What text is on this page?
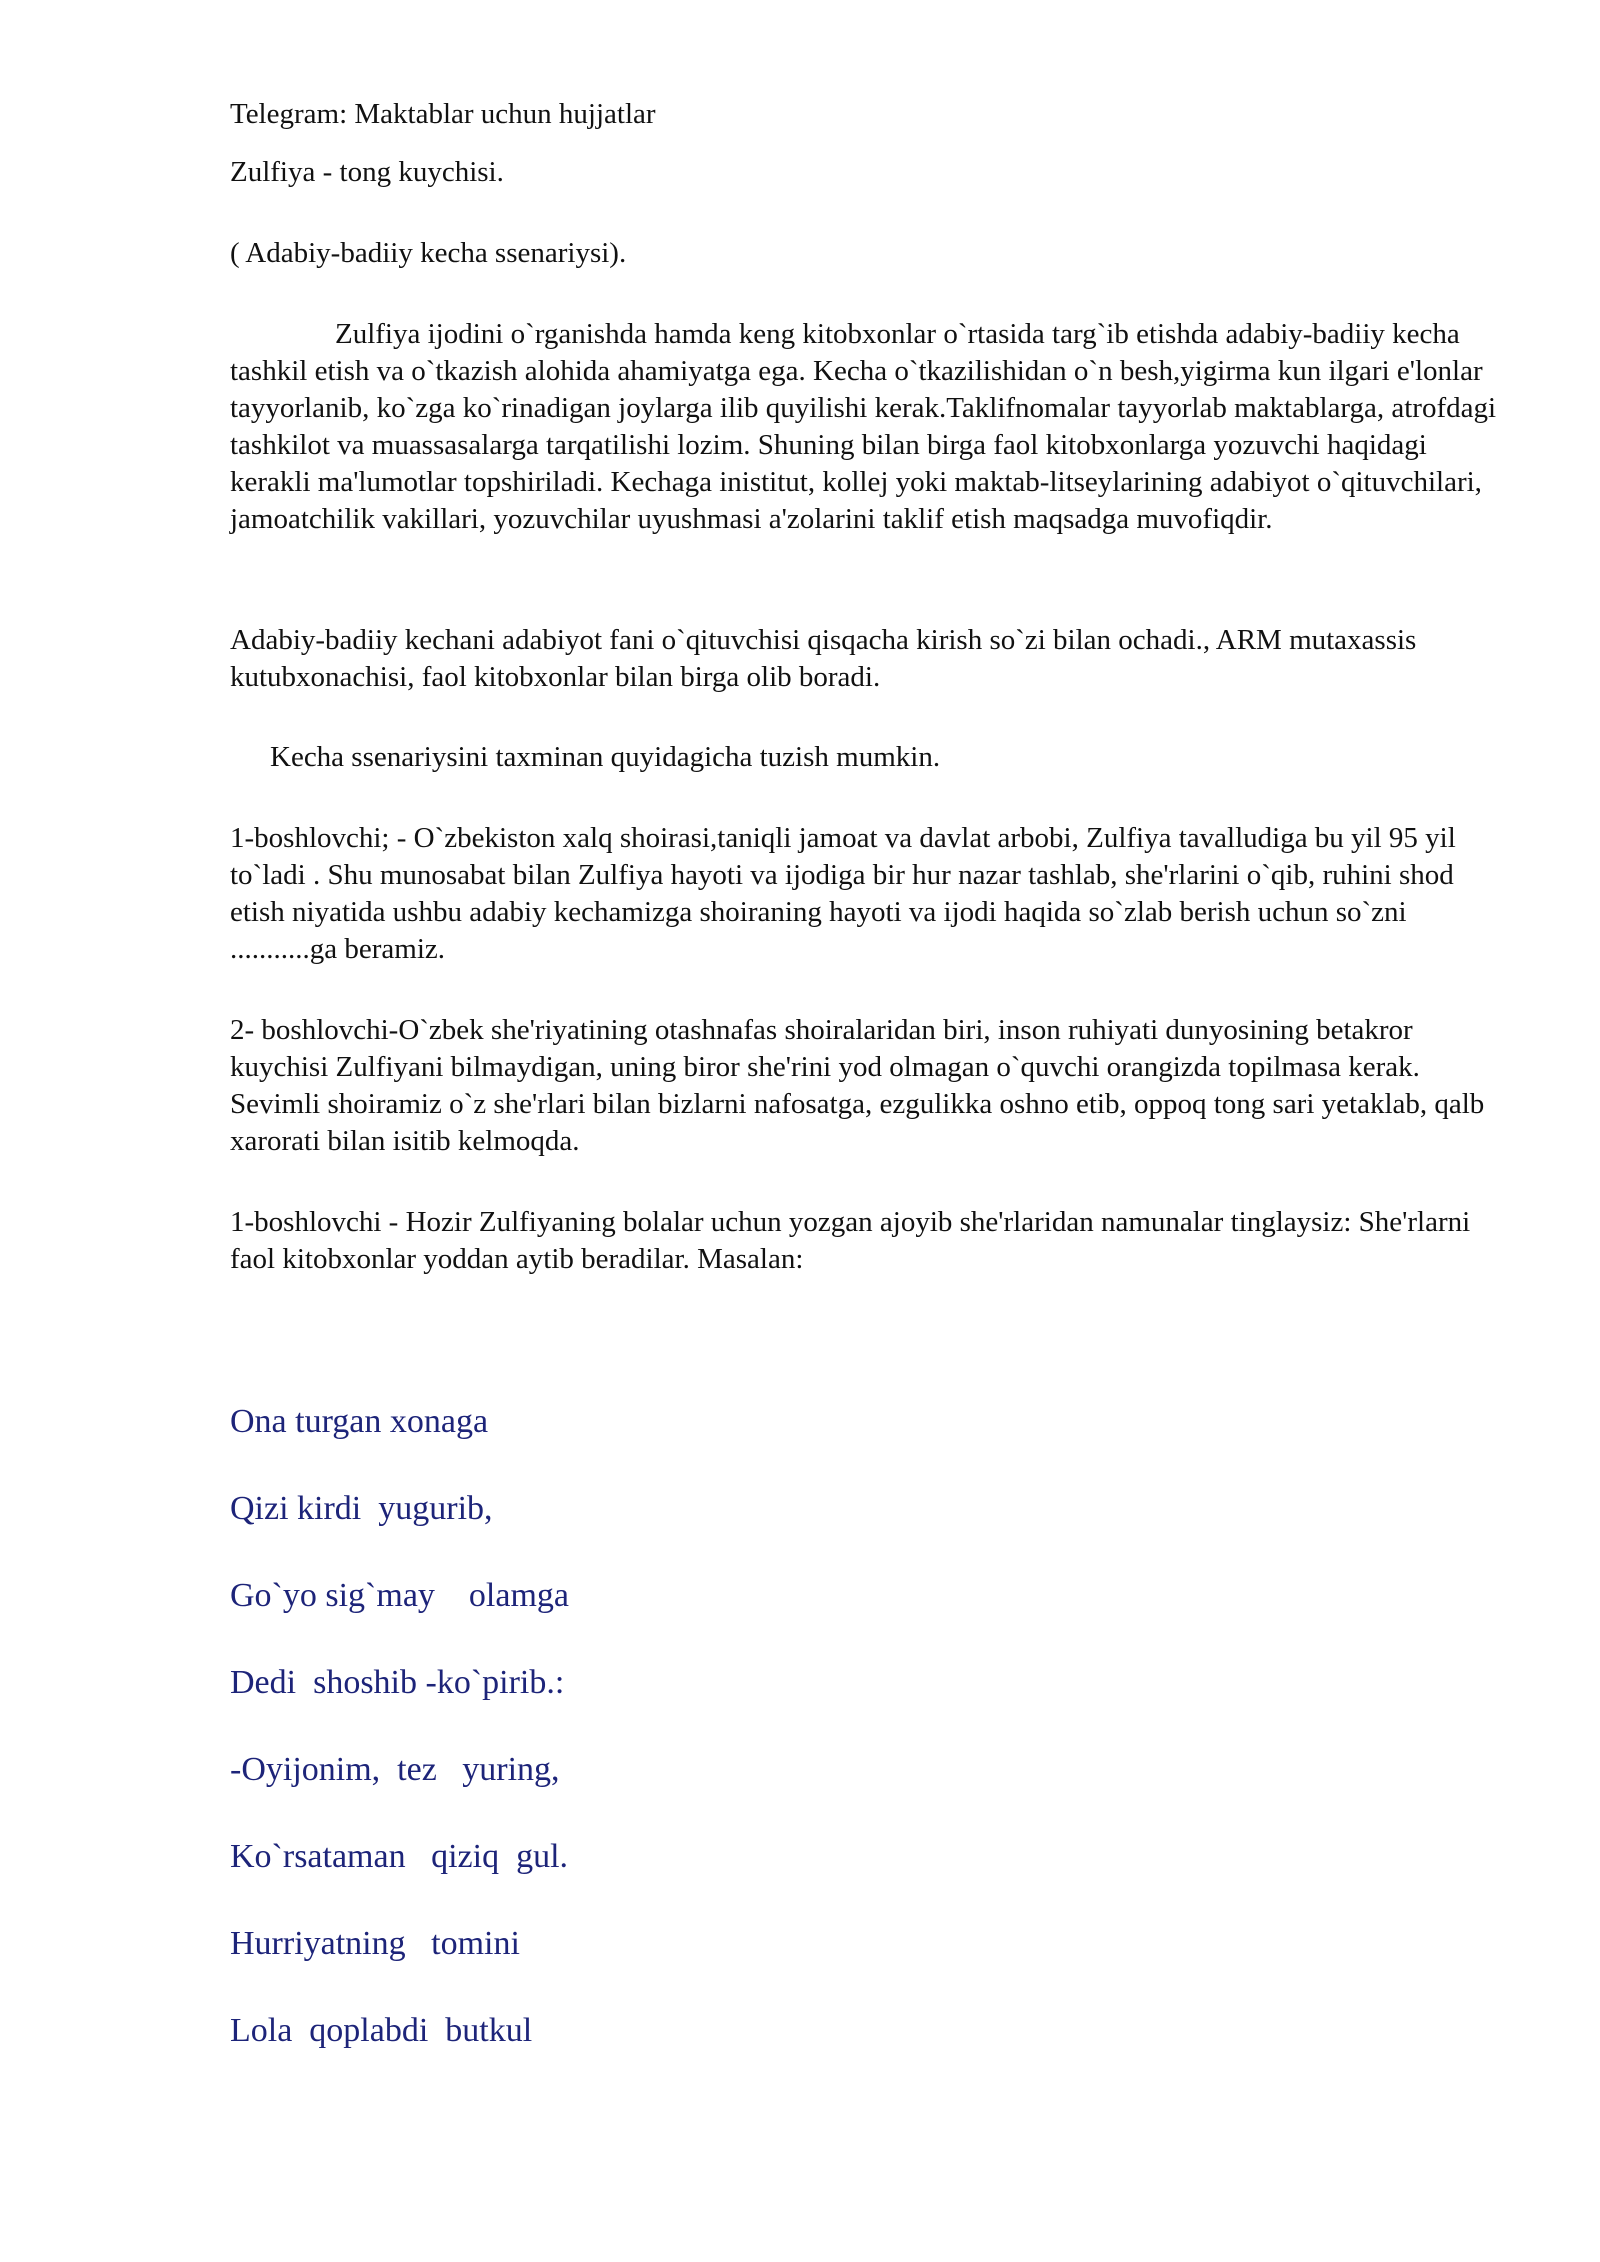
Telegram: Maktablar uchun hujjatlar

Zulfiya - tong kuychisi.

( Adabiy-badiiy kecha ssenariysi).

Zulfiya ijodini o`rganishda hamda keng kitobxonlar o`rtasida targ`ib etishda adabiy-badiiy kecha tashkil etish va o`tkazish alohida ahamiyatga ega. Kecha o`tkazilishidan o`n besh,yigirma kun ilgari e'lonlar tayyorlanib, ko`zga ko`rinadigan joylarga ilib quyilishi kerak.Taklifnomalar tayyorlab maktablarga, atrofdagi tashkilot va muassasalarga tarqatilishi lozim. Shuning bilan birga faol kitobxonlarga yozuvchi haqidagi kerakli ma'lumotlar topshiriladi. Kechaga inistitut, kollej yoki maktab-litseylarining adabiyot o`qituvchilari, jamoatchilik vakillari, yozuvchilar uyushmasi a'zolarini taklif etish maqsadga muvofiqdir.

Adabiy-badiiy kechani adabiyot fani o`qituvchisi qisqacha kirish so`zi bilan ochadi., ARM mutaxassis kutubxonachisi, faol kitobxonlar bilan birga olib boradi.

Kecha ssenariysini taxminan quyidagicha tuzish mumkin.

1-boshlovchi; - O`zbekiston xalq shoirasi,taniqli jamoat va davlat arbobi, Zulfiya tavalludiga bu yil 95 yil to`ladi . Shu munosabat bilan Zulfiya hayoti va ijodiga bir hur nazar tashlab, she'rlarini o`qib, ruhini shod etish niyatida ushbu adabiy kechamizga shoiraning hayoti va ijodi haqida so`zlab berish uchun so`zni ...........ga beramiz.

2- boshlovchi-O`zbek she'riyatining otashnafas shoiralaridan biri, inson ruhiyati dunyosining betakror kuychisi Zulfiyani bilmaydigan, uning biror she'rini yod olmagan o`quvchi orangizda topilmasa kerak. Sevimli shoiramiz o`z she'rlari bilan bizlarni nafosatga, ezgulikka oshno etib, oppoq tong sari yetaklab, qalb xarorati bilan isitib kelmoqda.

1-boshlovchi - Hozir Zulfiyaning bolalar uchun yozgan ajoyib she'rlaridan namunalar tinglaysiz: She'rlarni faol kitobxonlar yoddan aytib beradilar. Masalan:

Ona turgan xonaga

Qizi kirdi  yugurib,

Go`yo sig`may    olamga

Dedi  shoshib -ko`pirib.:

-Oyijonim,  tez   yuring,

Ko`rsataman   qiziq  gul.

Hurriyatning   tomini

Lola  qoplabdi  butkul
